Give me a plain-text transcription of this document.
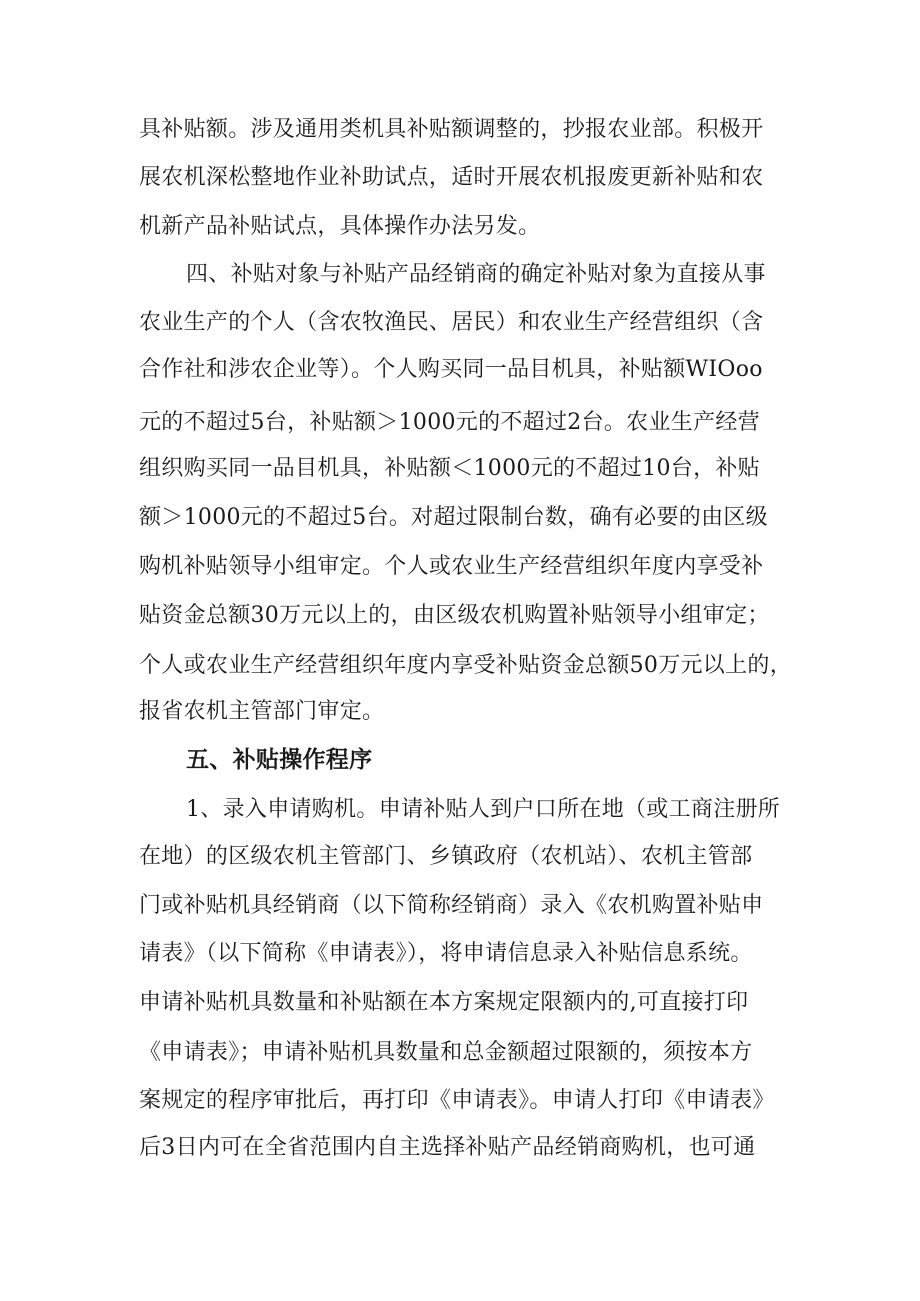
具补贴额。涉及通用类机具补贴额调整的，抄报农业部。积极开
展农机深松整地作业补助试点，适时开展农机报废更新补贴和农
机新产品补贴试点，具体操作办法另发。
四、补贴对象与补贴产品经销商的确定补贴对象为直接从事
农业生产的个人（含农牧渔民、居民）和农业生产经营组织（含
合作社和涉农企业等）。个人购买同一品目机具，补贴额WIOoo
元的不超过5台，补贴额＞1000元的不超过2台。农业生产经营
组织购买同一品目机具，补贴额＜1000元的不超过10台，补贴
额＞1000元的不超过5台。对超过限制台数，确有必要的由区级
购机补贴领导小组审定。个人或农业生产经营组织年度内享受补
贴资金总额30万元以上的，由区级农机购置补贴领导小组审定；
个人或农业生产经营组织年度内享受补贴资金总额50万元以上的，
报省农机主管部门审定。
五、补贴操作程序
1、录入申请购机。申请补贴人到户口所在地（或工商注册所
在地）的区级农机主管部门、乡镇政府（农机站）、农机主管部
门或补贴机具经销商（以下简称经销商）录入《农机购置补贴申
请表》（以下简称《申请表》），将申请信息录入补贴信息系统。
申请补贴机具数量和补贴额在本方案规定限额内的,可直接打印
《申请表》；申请补贴机具数量和总金额超过限额的，须按本方
案规定的程序审批后，再打印《申请表》。申请人打印《申请表》
后3日内可在全省范围内自主选择补贴产品经销商购机，也可通
